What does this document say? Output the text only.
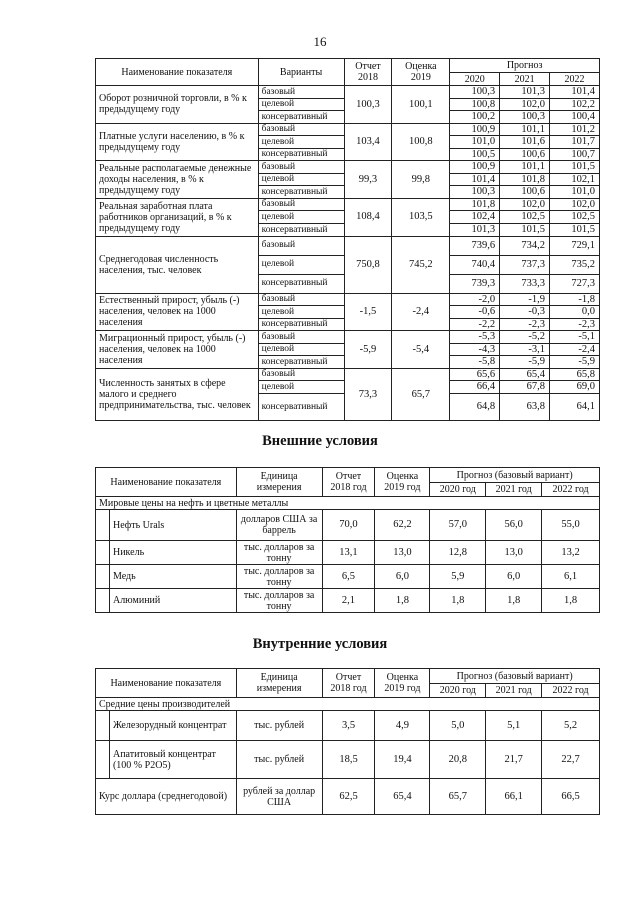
16
Наименование показателя	Варианты	Отчет 2018	Оценка 2019	Прогноз		
				2020	2021	2022
Оборот розничной торговли, в % к предыдущему году	базовый	100,3	100,1	100,3	101,3	101,4
	целевой			100,8	102,0	102,2
	консервативный			100,2	100,3	100,4
Платные услуги населению, в % к предыдущему году	базовый	103,4	100,8	100,9	101,1	101,2
	целевой			101,0	101,6	101,7
	консервативный			100,5	100,6	100,7
Реальные располагаемые денежные доходы населения, в % к предыдущему году	базовый	99,3	99,8	100,9	101,1	101,5
	целевой			101,4	101,8	102,1
	консервативный			100,3	100,6	101,0
Реальная заработная плата работников организаций, в % к предыдущему году	базовый	108,4	103,5	101,8	102,0	102,0
	целевой			102,4	102,5	102,5
	консервативный			101,3	101,5	101,5
Среднегодовая численность населения, тыс. человек	базовый	750,8	745,2	739,6	734,2	729,1
	целевой			740,4	737,3	735,2
	консервативный			739,3	733,3	727,3
Естественный прирост, убыль (-) населения, человек на 1000 населения	базовый	-1,5	-2,4	-2,0	-1,9	-1,8
	целевой			-0,6	-0,3	0,0
	консервативный			-2,2	-2,3	-2,3
Миграционный прирост, убыль (-) населения, человек на 1000 населения	базовый	-5,9	-5,4	-5,3	-5,2	-5,1
	целевой			-4,3	-3,1	-2,4
	консервативный			-5,8	-5,9	-5,9
Численность занятых в сфере малого и среднего предпринимательства, тыс. человек	базовый	73,3	65,7	65,6	65,4	65,8
	целевой			66,4	67,8	69,0
	консервативный			64,8	63,8	64,1
Внешние условия
Наименование показателя		Единица измерения	Отчет 2018 год	Оценка 2019 год	Прогноз (базовый вариант)		
					2020 год	2021 год	2022 год
Мировые цены на нефть и цветные металлы							
	Нефть Urals	долларов США за баррель	70,0	62,2	57,0	56,0	55,0
	Никель	тыс. долларов за тонну	13,1	13,0	12,8	13,0	13,2
	Медь	тыс. долларов за тонну	6,5	6,0	5,9	6,0	6,1
	Алюминий	тыс. долларов за тонну	2,1	1,8	1,8	1,8	1,8
Внутренние условия
Наименование показателя		Единица измерения	Отчет 2018 год	Оценка 2019 год	Прогноз (базовый вариант)		
					2020 год	2021 год	2022 год
Средние цены производителей							
	Железорудный концентрат	тыс. рублей	3,5	4,9	5,0	5,1	5,2
	Апатитовый концентрат (100 % P2O5)	тыс. рублей	18,5	19,4	20,8	21,7	22,7
Курс доллара (среднегодовой)		рублей за доллар США	62,5	65,4	65,7	66,1	66,5
